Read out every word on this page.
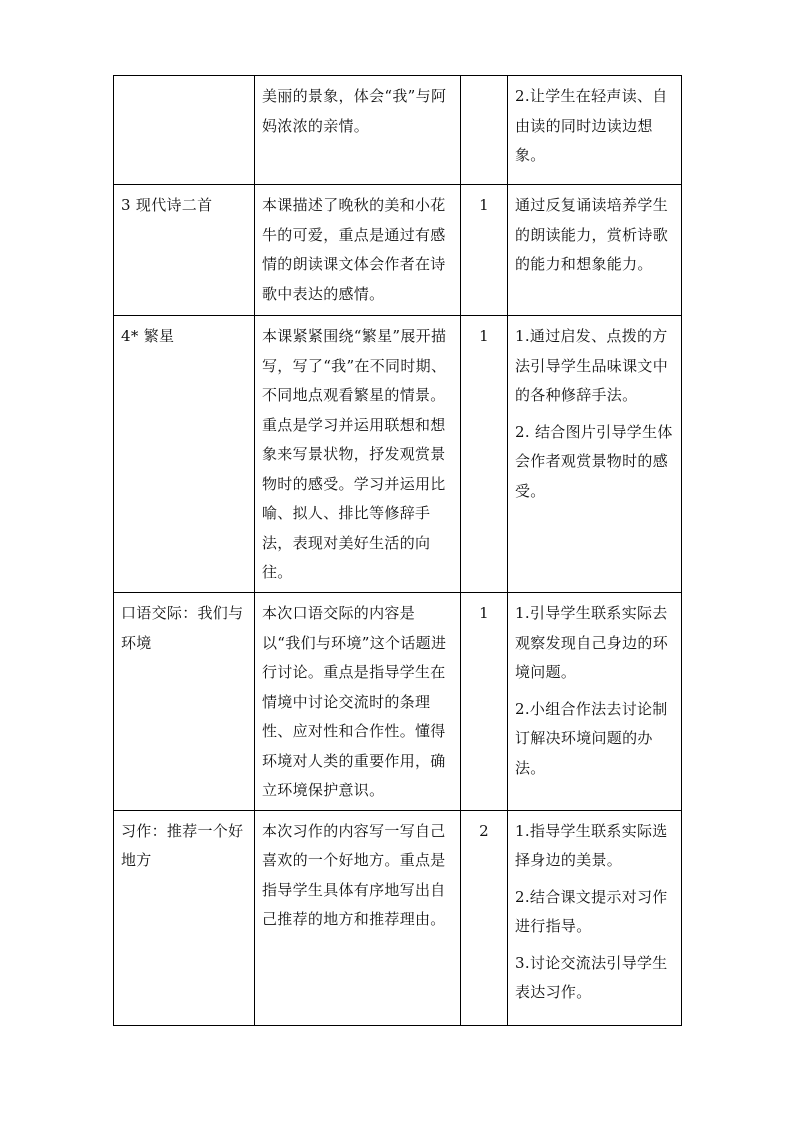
	美丽的景象，体会“我”与阿妈浓浓的亲情。		2.让学生在轻声读、自由读的同时边读边想象。

3 现代诗二首	本课描述了晚秋的美和小花牛的可爱，重点是通过有感情的朗读课文体会作者在诗歌中表达的感情。	1	通过反复诵读培养学生的朗读能力，赏析诗歌的能力和想象能力。

4* 繁星	本课紧紧围绕“繁星”展开描写，写了“我”在不同时期、不同地点观看繁星的情景。重点是学习并运用联想和想象来写景状物，抒发观赏景物时的感受。学习并运用比喻、拟人、排比等修辞手法，表现对美好生活的向往。	1	1.通过启发、点拨的方法引导学生品味课文中的各种修辞手法。

2. 结合图片引导学生体会作者观赏景物时的感受。

口语交际：我们与环境	本次口语交际的内容是以“我们与环境”这个话题进行讨论。重点是指导学生在情境中讨论交流时的条理性、应对性和合作性。懂得环境对人类的重要作用，确立环境保护意识。	1	1.引导学生联系实际去观察发现自己身边的环境问题。

2.小组合作法去讨论制订解决环境问题的办法。

习作：推荐一个好地方	本次习作的内容写一写自己喜欢的一个好地方。重点是指导学生具体有序地写出自己推荐的地方和推荐理由。	2	1.指导学生联系实际选择身边的美景。

2.结合课文提示对习作进行指导。

3.讨论交流法引导学生表达习作。
